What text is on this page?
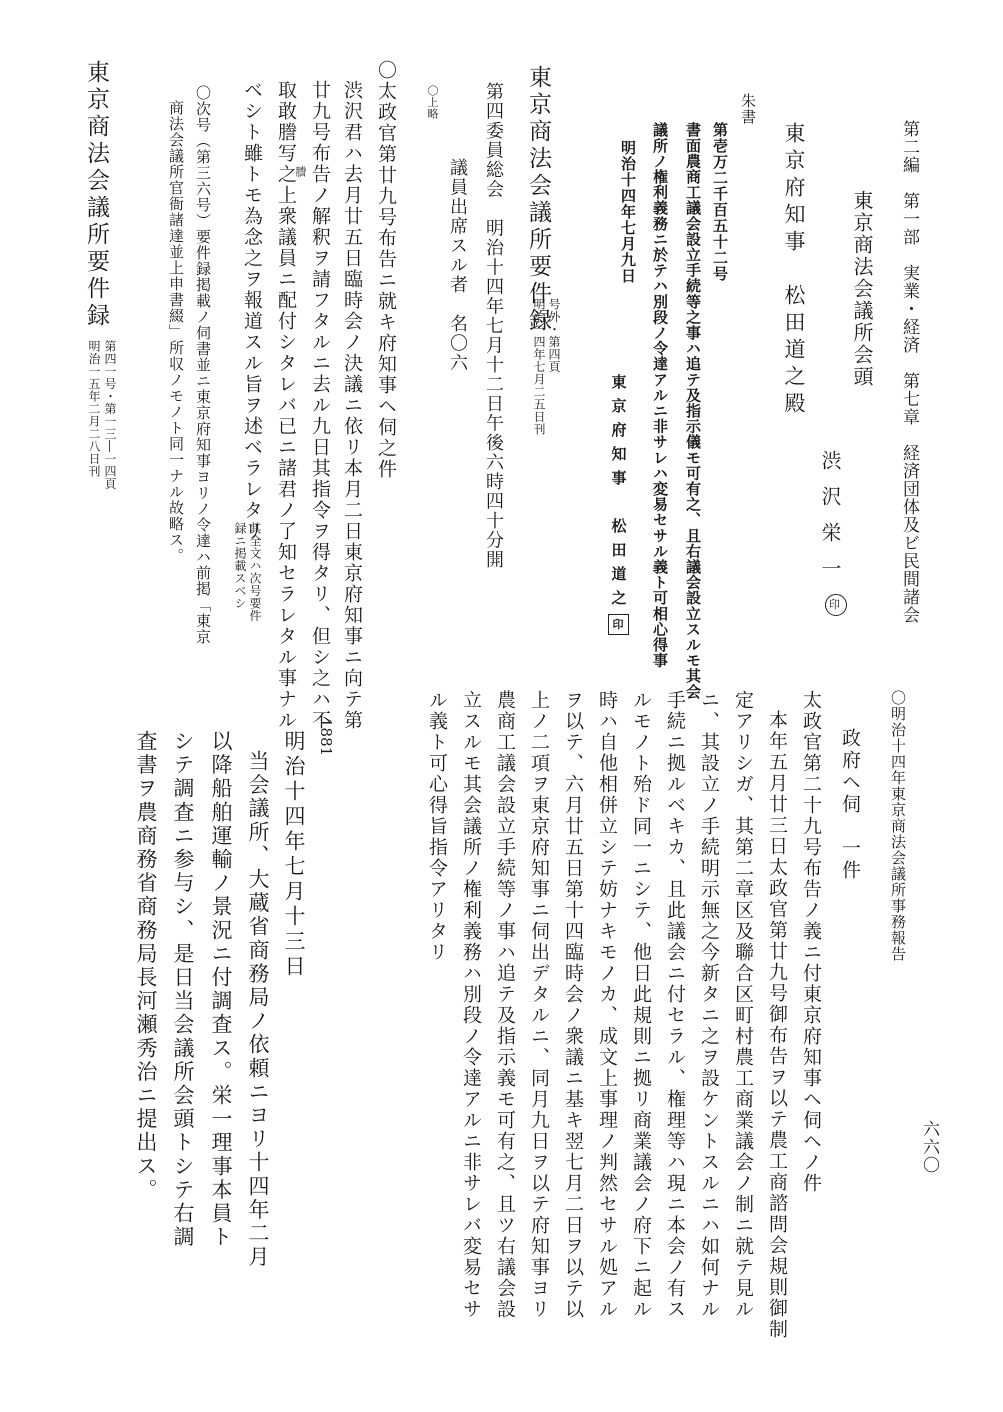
第二編　第一部　実業・経済　第七章　経済団体及ビ民間諸会
六六〇
東京商法会議所会頭
渋沢栄一印
東京府知事　松田道之殿
朱書
第壱万二千百五十二号
書面農商工議会設立手続等之事ハ追テ及指示儀モ可有之、且右議会設立スルモ其会
議所ノ権利義務ニ於テハ別段ノ令達アルニ非サレハ変易セサル義ト可相心得事
明治十四年七月九日
東京府知事　松田道之印
東京商法会議所要件録
号外・第四頁
明治一四年七月二五日刊
第四委員総会　明治十四年七月十二日午後六時四十分開
議員出席スル者　名〇六
〇上略
〇太政官第廿九号布告ニ就キ府知事ヘ伺之件
渋沢君ハ去月廿五日臨時会ノ決議ニ依リ本月二日東京府知事ニ向テ第
廿九号布告ノ解釈ヲ請フタルニ去ル九日其指令ヲ得タリ、但シ之ハ不
謄
取敢謄写之上衆議員ニ配付シタレバ已ニ諸君ノ了知セラレタル事ナル
ベシト雖トモ為念之ヲ報道スル旨ヲ述ベラレタリ
其全文ハ次号要件
録ニ掲載スベシ
〇次号（第三六号）要件録掲載ノ伺書並ニ東京府知事ヨリノ令達ハ前掲「東京
商法会議所官衙諸達並上申書綴」所収ノモノト同一ナル故略ス。
東京商法会議所要件録
第四一号・第一三―一四頁
明治一五年二月二八日刊
〇明治十四年東京商法会議所事務報告
政府ヘ伺　一件
太政官第二十九号布告ノ義ニ付東京府知事ヘ伺ヘノ件
本年五月廿三日太政官第廿九号御布告ヲ以テ農工商諮問会規則御制
定アリシガ、其第二章区及聯合区町村農工商業議会ノ制ニ就テ見ル
ニ、其設立ノ手続明示無之今新タニ之ヲ設ケントスルニハ如何ナル
手続ニ拠ルベキカ、且此議会ニ付セラル、権理等ハ現ニ本会ノ有ス
ルモノト殆ド同一ニシテ、他日此規則ニ拠リ商業議会ノ府下ニ起ル
時ハ自他相併立シテ妨ナキモノカ、成文上事理ノ判然セサル処アル
ヲ以テ、六月廿五日第十四臨時会ノ衆議ニ基キ翌七月二日ヲ以テ以
上ノ二項ヲ東京府知事ニ伺出デタルニ、同月九日ヲ以テ府知事ヨリ
農商工議会設立手続等ノ事ハ追テ及指示義モ可有之、且ツ右議会設
立スルモ其会議所ノ権利義務ハ別段ノ令達アルニ非サレバ変易セサ
ル義ト可心得旨指令アリタリ
1881
明治十四年七月十三日
当会議所、大蔵省商務局ノ依頼ニヨリ十四年二月
以降船舶運輸ノ景況ニ付調査ス。栄一理事本員ト
シテ調査ニ参与シ、是日当会議所会頭トシテ右調
査書ヲ農商務省商務局長河瀬秀治ニ提出ス。
